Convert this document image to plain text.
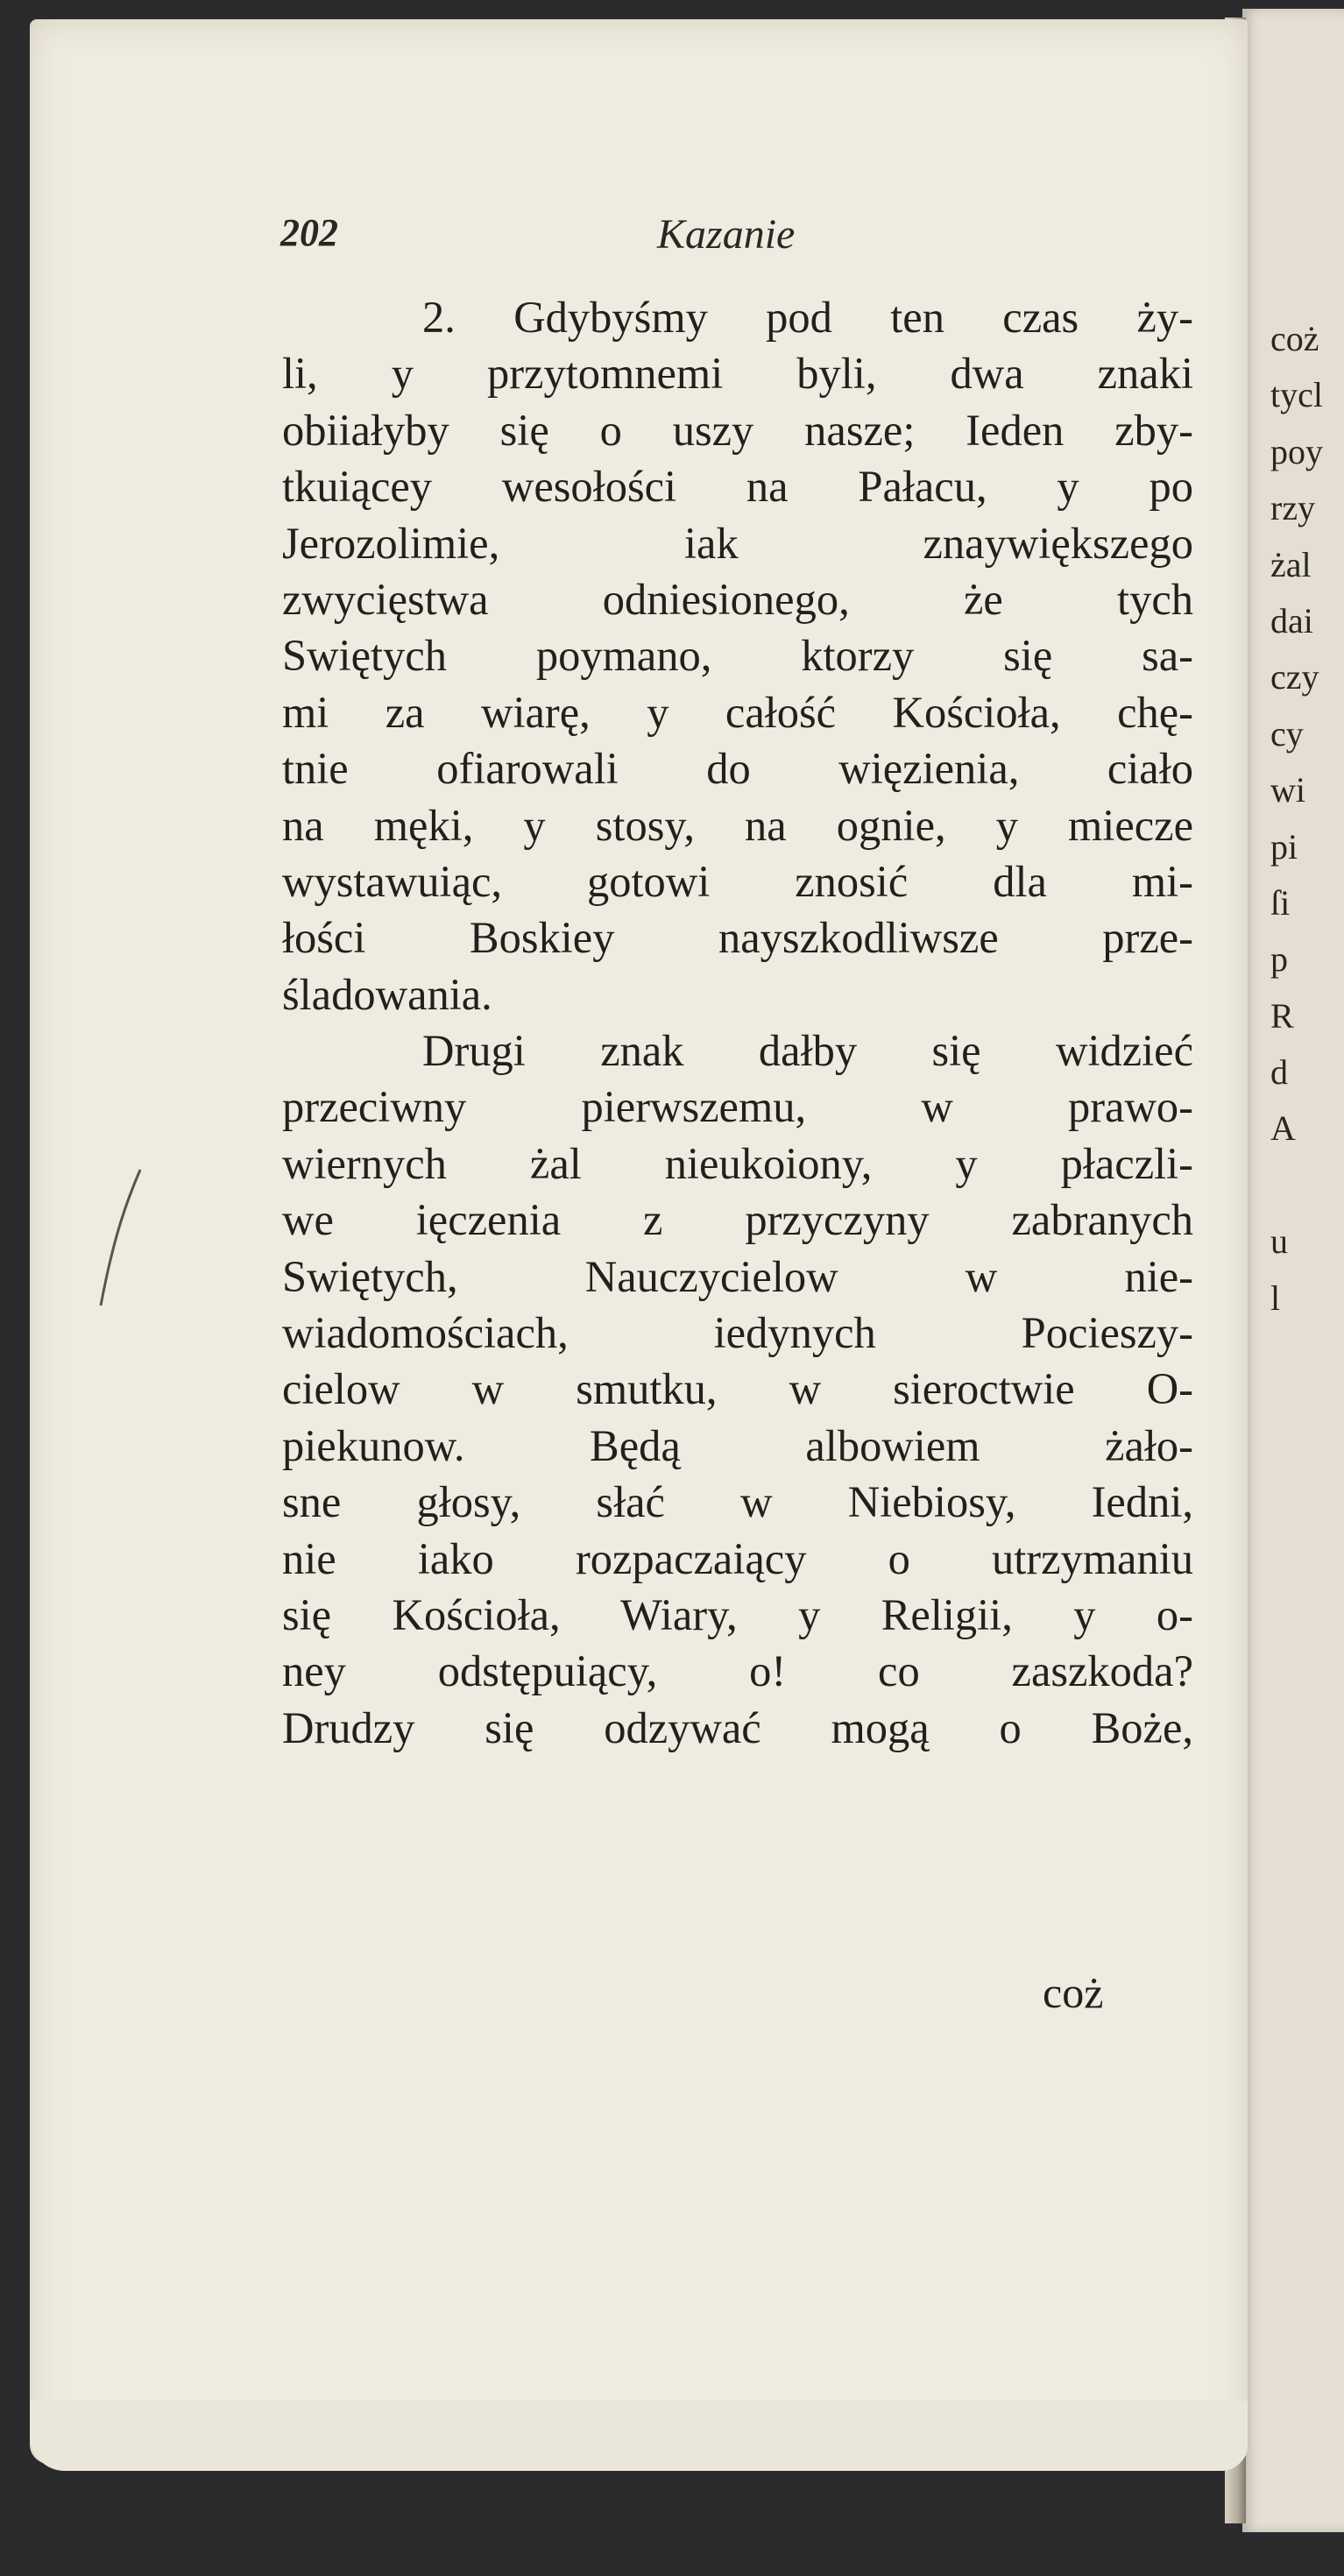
202	Kazanie
2. Gdybyśmy pod ten czas ży-
li, y przytomnemi byli, dwa znaki
obiiałyby się o uszy nasze; Ieden zby-
tkuiącey wesołości na Pałacu, y po
Jerozolimie, iak znaywiększego
zwycięstwa odniesionego, że tych
Swiętych poymano, ktorzy się sa-
mi za wiarę, y całość Kościoła, chę-
tnie ofiarowali do więzienia, ciało
na męki, y stosy, na ognie, y miecze
wystawuiąc, gotowi znosić dla mi-
łości Boskiey nayszkodliwsze prze-
śladowania.
Drugi znak dałby się widzieć
przeciwny pierwszemu, w prawo-
wiernych żal nieukoiony, y płaczli-
we ięczenia z przyczyny zabranych
Swiętych, Nauczycielow w nie-
wiadomościach, iedynych Pocieszy-
cielow w smutku, w sieroctwie O-
piekunow. Będą albowiem żało-
sne głosy, słać w Niebiosy, Iedni,
nie iako rozpaczaiący o utrzymaniu
się Kościoła, Wiary, y Religii, y o-
ney odstępuiący, o! co zaszkoda?
Drudzy się odzywać mogą o Boże,
coż
coż
tycl
poy
rzy
żal
dai
czy
cy
wi
pi
ſi
p
R
d
A
u
l
